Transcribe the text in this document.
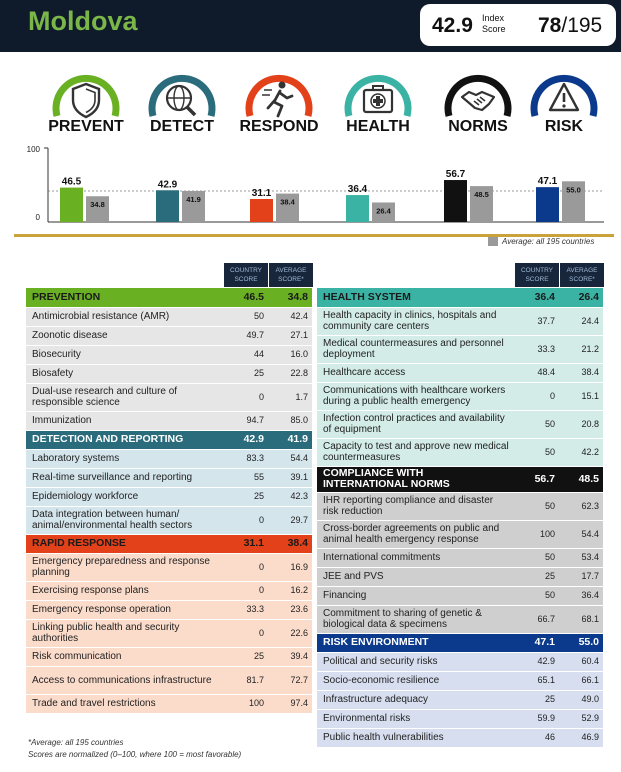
Moldova	42.9 Index
Score 78/195
PREVENT	DETECT	RESPOND	HEALTH	NORMS	RISK
100
0
46.5
34.8
42.9
41.9
31.1
38.4
36.4
26.4
56.7
48.5
47.1
55.0
Average: all 195 countries
COUNTRY
SCORE
AVERAGE
SCORE*
COUNTRY
SCORE
AVERAGE
SCORE*
PREVENTION	46.5	34.8
Antimicrobial resistance (AMR)	50	42.4
Zoonotic disease	49.7	27.1
Biosecurity	44	16.0
Biosafety	25	22.8
Dual-use research and culture of responsible science	0	1.7
Immunization	94.7	85.0
DETECTION AND REPORTING	42.9	41.9
Laboratory systems	83.3	54.4
Real-time surveillance and reporting	55	39.1
Epidemiology workforce	25	42.3
Data integration between human/ animal/environmental health sectors	0	29.7
RAPID RESPONSE	31.1	38.4
Emergency preparedness and response planning	0	16.9
Exercising response plans	0	16.2
Emergency response operation	33.3	23.6
Linking public health and security authorities	0	22.6
Risk communication	25	39.4
Access to communications infrastructure	81.7	72.7
Trade and travel restrictions	100	97.4
HEALTH SYSTEM	36.4	26.4
Health capacity in clinics, hospitals and community care centers	37.7	24.4
Medical countermeasures and personnel deployment	33.3	21.2
Healthcare access	48.4	38.4
Communications with healthcare workers during a public health emergency	0	15.1
Infection control practices and availability of equipment	50	20.8
Capacity to test and approve new medical countermeasures	50	42.2
COMPLIANCE WITH INTERNATIONAL NORMS	56.7	48.5
IHR reporting compliance and disaster risk reduction	50	62.3
Cross-border agreements on public and animal health emergency response	100	54.4
International commitments	50	53.4
JEE and PVS	25	17.7
Financing	50	36.4
Commitment to sharing of genetic & biological data & specimens	66.7	68.1
RISK ENVIRONMENT	47.1	55.0
Political and security risks	42.9	60.4
Socio-economic resilience	65.1	66.1
Infrastructure adequacy	25	49.0
Environmental risks	59.9	52.9
Public health vulnerabilities	46	46.9
*Average: all 195 countries
Scores are normalized (0–100, where 100 = most favorable)
